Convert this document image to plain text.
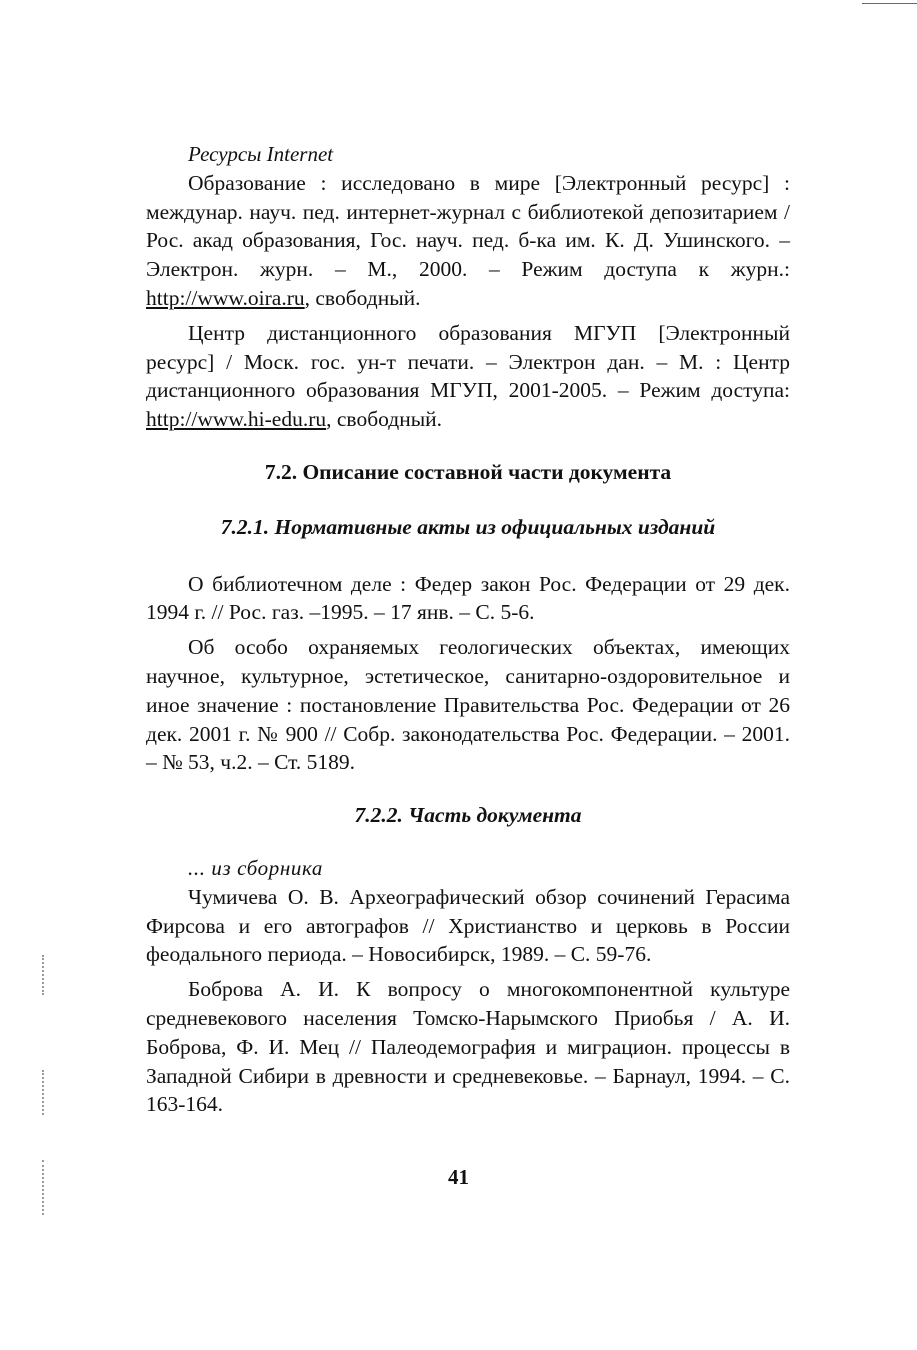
Ресурсы Internet

Образование : исследовано в мире [Электронный ресурс] : междунар. науч. пед. интернет-журнал с библиотекой депозитарием / Рос. акад образования, Гос. науч. пед. б-ка им. К. Д. Ушинского. – Электрон. журн. – М., 2000. – Режим доступа к журн.: http://www.oira.ru, свободный.

Центр дистанционного образования МГУП [Электронный ресурс] / Моск. гос. ун-т печати. – Электрон дан. – М. : Центр дистанционного образования МГУП, 2001-2005. – Режим доступа: http://www.hi-edu.ru, свободный.

7.2. Описание составной части документа
7.2.1. Нормативные акты из официальных изданий

О библиотечном деле : Федер закон Рос. Федерации от 29 дек. 1994 г. // Рос. газ. –1995. – 17 янв. – С. 5-6.

Об особо охраняемых геологических объектах, имеющих научное, культурное, эстетическое, санитарно-оздоровительное и иное значение : постановление Правительства Рос. Федерации от 26 дек. 2001 г. № 900 // Собр. законодательства Рос. Федерации. – 2001. – № 53, ч.2. – Ст. 5189.

7.2.2. Часть документа

... из сборника

Чумичева О. В. Археографический обзор сочинений Герасима Фирсова и его автографов // Христианство и церковь в России феодального периода. – Новосибирск, 1989. – С. 59-76.

Боброва А. И. К вопросу о многокомпонентной культуре средневекового населения Томско-Нарымского Приобья / А. И. Боброва, Ф. И. Мец // Палеодемография и миграцион. процессы в Западной Сибири в древности и средневековье. – Барнаул, 1994. – С. 163-164.

41
